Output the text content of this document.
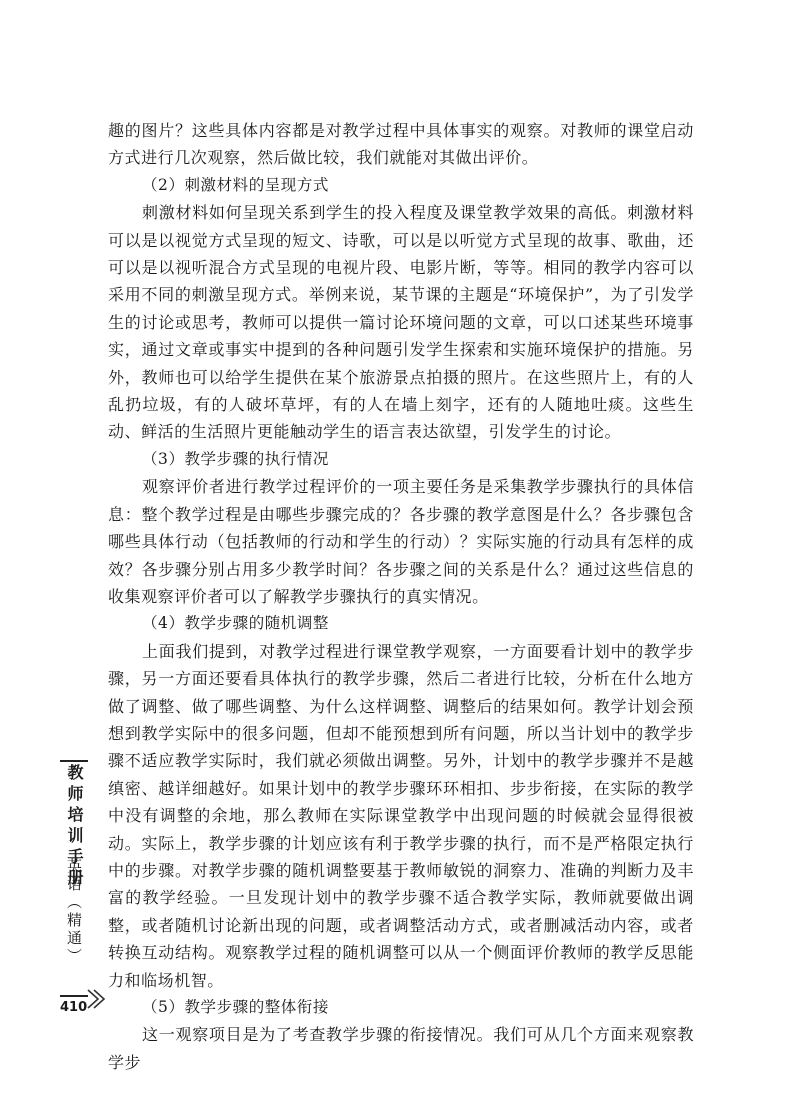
趣的图片？这些具体内容都是对教学过程中具体事实的观察。对教师的课堂启动方式进行几次观察，然后做比较，我们就能对其做出评价。

（2）刺激材料的呈现方式

刺激材料如何呈现关系到学生的投入程度及课堂教学效果的高低。刺激材料可以是以视觉方式呈现的短文、诗歌，可以是以听觉方式呈现的故事、歌曲，还可以是以视听混合方式呈现的电视片段、电影片断，等等。相同的教学内容可以采用不同的刺激呈现方式。举例来说，某节课的主题是“环境保护”，为了引发学生的讨论或思考，教师可以提供一篇讨论环境问题的文章，可以口述某些环境事实，通过文章或事实中提到的各种问题引发学生探索和实施环境保护的措施。另外，教师也可以给学生提供在某个旅游景点拍摄的照片。在这些照片上，有的人乱扔垃圾，有的人破坏草坪，有的人在墙上刻字，还有的人随地吐痰。这些生动、鲜活的生活照片更能触动学生的语言表达欲望，引发学生的讨论。

（3）教学步骤的执行情况

观察评价者进行教学过程评价的一项主要任务是采集教学步骤执行的具体信息：整个教学过程是由哪些步骤完成的？各步骤的教学意图是什么？各步骤包含哪些具体行动（包括教师的行动和学生的行动）？实际实施的行动具有怎样的成效？各步骤分别占用多少教学时间？各步骤之间的关系是什么？通过这些信息的收集观察评价者可以了解教学步骤执行的真实情况。

（4）教学步骤的随机调整

上面我们提到，对教学过程进行课堂教学观察，一方面要看计划中的教学步骤，另一方面还要看具体执行的教学步骤，然后二者进行比较，分析在什么地方做了调整、做了哪些调整、为什么这样调整、调整后的结果如何。教学计划会预想到教学实际中的很多问题，但却不能预想到所有问题，所以当计划中的教学步骤不适应教学实际时，我们就必须做出调整。另外，计划中的教学步骤并不是越缜密、越详细越好。如果计划中的教学步骤环环相扣、步步衔接，在实际的教学中没有调整的余地，那么教师在实际课堂教学中出现问题的时候就会显得很被动。实际上，教学步骤的计划应该有利于教学步骤的执行，而不是严格限定执行中的步骤。对教学步骤的随机调整要基于教师敏锐的洞察力、准确的判断力及丰富的教学经验。一旦发现计划中的教学步骤不适合教学实际，教师就要做出调整，或者随机讨论新出现的问题，或者调整活动方式，或者删减活动内容，或者转换互动结构。观察教学过程的随机调整可以从一个侧面评价教师的教学反思能力和临场机智。

（5）教学步骤的整体衔接

这一观察项目是为了考查教学步骤的衔接情况。我们可从几个方面来观察教学步

教师培训手册
英语（精通）
410
